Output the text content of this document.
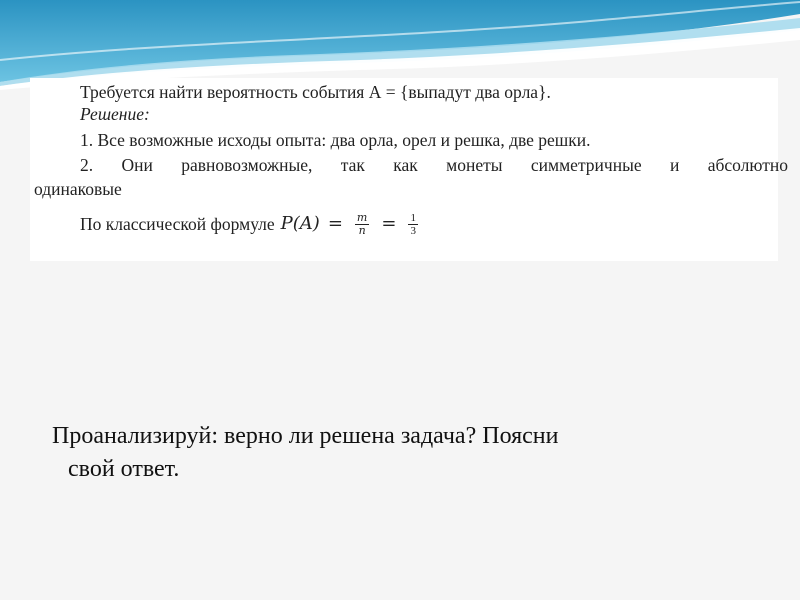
Требуется найти вероятность события А = {выпадут два орла}.

Решение:

1. Все возможные исходы опыта: два орла, орел и решка, две решки.

2. Они равновозможные, так как монеты симметричные и абсолютно

одинаковые

По классической формуле $P(A) = \frac{m}{n} = \frac{1}{3}$

Проанализируй: верно ли решена задача? Поясни
свой ответ.
